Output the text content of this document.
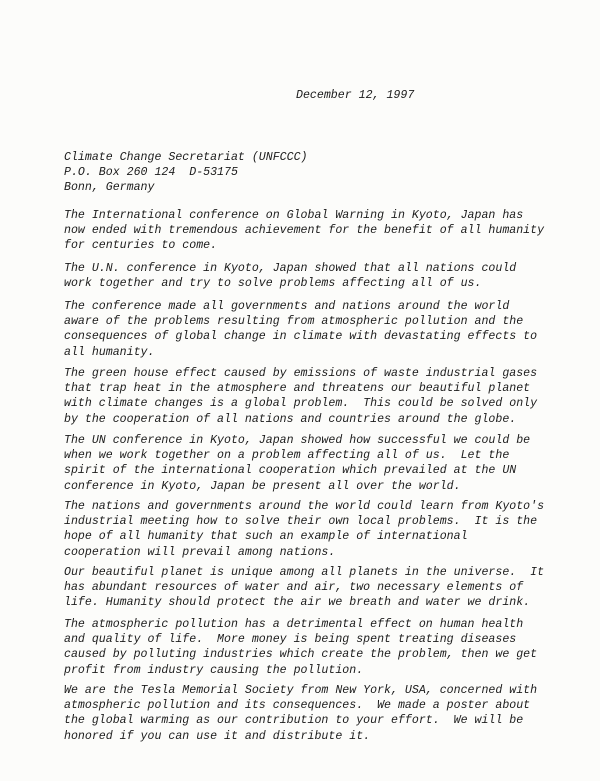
December 12, 1997
Climate Change Secretariat (UNFCCC)
P.O. Box 260 124  D-53175
Bonn, Germany
The International conference on Global Warning in Kyoto, Japan has
now ended with tremendous achievement for the benefit of all humanity
for centuries to come.
The U.N. conference in Kyoto, Japan showed that all nations could
work together and try to solve problems affecting all of us.
The conference made all governments and nations around the world
aware of the problems resulting from atmospheric pollution and the
consequences of global change in climate with devastating effects to
all humanity.
The green house effect caused by emissions of waste industrial gases
that trap heat in the atmosphere and threatens our beautiful planet
with climate changes is a global problem.  This could be solved only
by the cooperation of all nations and countries around the globe.
The UN conference in Kyoto, Japan showed how successful we could be
when we work together on a problem affecting all of us.  Let the
spirit of the international cooperation which prevailed at the UN
conference in Kyoto, Japan be present all over the world.
The nations and governments around the world could learn from Kyoto's
industrial meeting how to solve their own local problems.  It is the
hope of all humanity that such an example of international
cooperation will prevail among nations.
Our beautiful planet is unique among all planets in the universe.  It
has abundant resources of water and air, two necessary elements of
life. Humanity should protect the air we breath and water we drink.
The atmospheric pollution has a detrimental effect on human health
and quality of life.  More money is being spent treating diseases
caused by polluting industries which create the problem, then we get
profit from industry causing the pollution.
We are the Tesla Memorial Society from New York, USA, concerned with
atmospheric pollution and its consequences.  We made a poster about
the global warming as our contribution to your effort.  We will be
honored if you can use it and distribute it.
